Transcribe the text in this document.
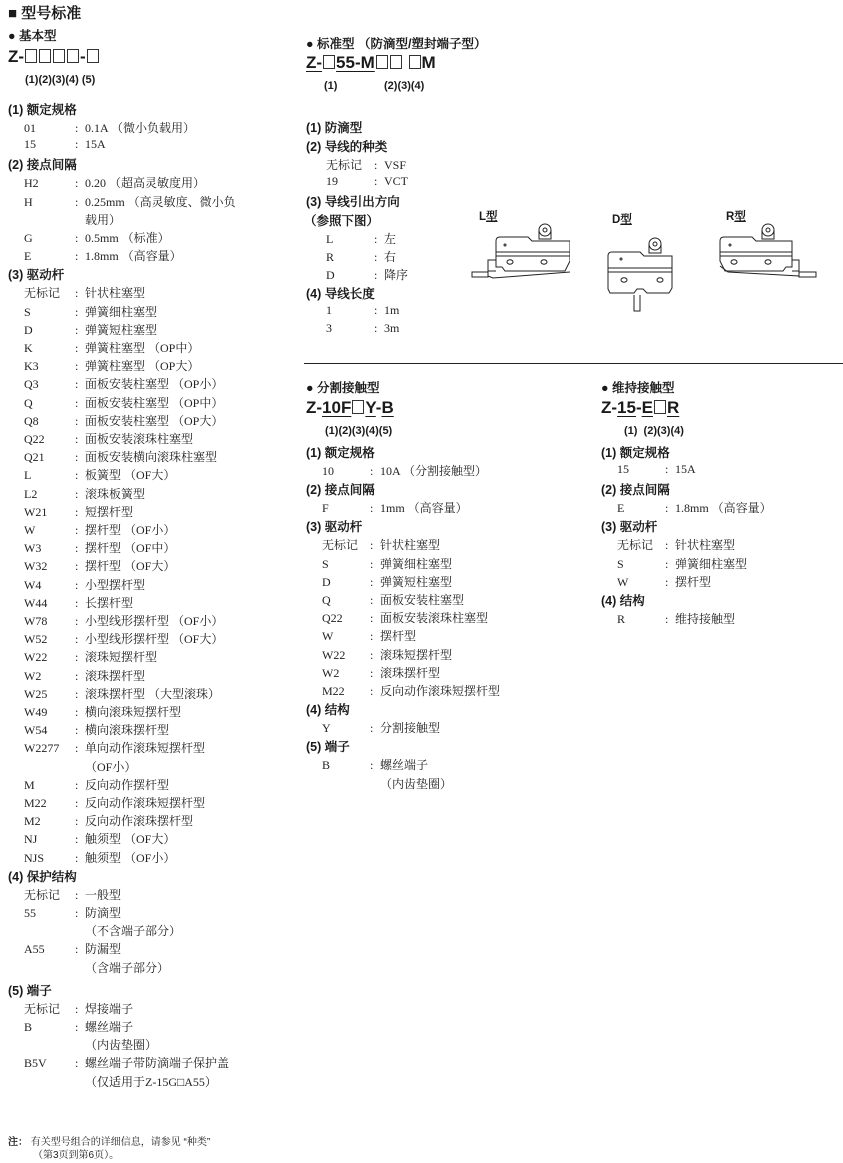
■ 型号标准
● 基本型
Z-	-
(1)(2)(3)(4) (5)
(1) 额定规格
01	: 0.1A （微小负载用）
15	: 15A
(2) 接点间隔
H2	: 0.20 （超高灵敏度用）
H	: 0.25mm （高灵敏度、微小负
载用）
G	: 0.5mm （标准）
E	: 1.8mm （高容量）
(3) 驱动杆
无标记 : 针状柱塞型
S	: 弹簧细柱塞型
D	: 弹簧短柱塞型
K	: 弹簧柱塞型 （OP中）
K3	: 弹簧柱塞型 （OP大）
Q3	: 面板安装柱塞型 （OP小）
Q	: 面板安装柱塞型 （OP中）
Q8	: 面板安装柱塞型 （OP大）
Q22	: 面板安装滚珠柱塞型
Q21	: 面板安装横向滚珠柱塞型
L	: 板簧型 （OF大）
L2	: 滚珠板簧型
W21 : 短摆杆型
W	: 摆杆型 （OF小）
W3	: 摆杆型 （OF中）
W32 : 摆杆型 （OF大）
W4	: 小型摆杆型
W44 : 长摆杆型
W78 : 小型线形摆杆型 （OF小）
W52 : 小型线形摆杆型 （OF大）
W22 : 滚珠短摆杆型
W2	: 滚珠摆杆型
W25 : 滚珠摆杆型 （大型滚珠）
W49 : 横向滚珠短摆杆型
W54 : 横向滚珠摆杆型
W2277 : 单向动作滚珠短摆杆型
（OF小）
M	: 反向动作摆杆型
M22 : 反向动作滚珠短摆杆型
M2	: 反向动作滚珠摆杆型
NJ	: 触须型 （OF大）
NJS	: 触须型 （OF小）
(4) 保护结构
无标记 : 一般型
55	: 防滴型
（不含端子部分）
A55	: 防漏型
（含端子部分）
(5) 端子
无标记 : 焊接端子
B	: 螺丝端子
（内齿垫圈）
B5V : 螺丝端子带防滴端子保护盖
（仅适用于Z-15G□A55）
注： 有关型号组合的详细信息，请参见 “种类”
（第3页到第6页）。
● 标准型 （防滴型/塑封端子型）
Z- 55-M	M
(1)	(2)(3)(4)
(1) 防滴型
(2) 导线的种类
无标记 : VSF
19	: VCT
(3) 导线引出方向
（参照下图）
L	: 左
R	: 右
D	: 降序
(4) 导线长度
1	: 1m
3	: 3m
L型	D型	R型
● 分割接触型
Z-10F Y-B
(1)(2)(3)(4)(5)
(1) 额定规格
10	: 10A （分割接触型）
(2) 接点间隔
F	: 1mm （高容量）
(3) 驱动杆
无标记 : 针状柱塞型
S	: 弹簧细柱塞型
D	: 弹簧短柱塞型
Q	: 面板安装柱塞型
Q22 : 面板安装滚珠柱塞型
W	: 摆杆型
W22 : 滚珠短摆杆型
W2	: 滚珠摆杆型
M22 : 反向动作滚珠短摆杆型
(4) 结构
Y	: 分割接触型
(5) 端子
B	: 螺丝端子
（内齿垫圈）
● 维持接触型
Z-15-E R
(1)  (2)(3)(4)
(1) 额定规格
15	: 15A
(2) 接点间隔
E	: 1.8mm （高容量）
(3) 驱动杆
无标记 : 针状柱塞型
S	: 弹簧细柱塞型
W	: 摆杆型
(4) 结构
R	: 维持接触型
